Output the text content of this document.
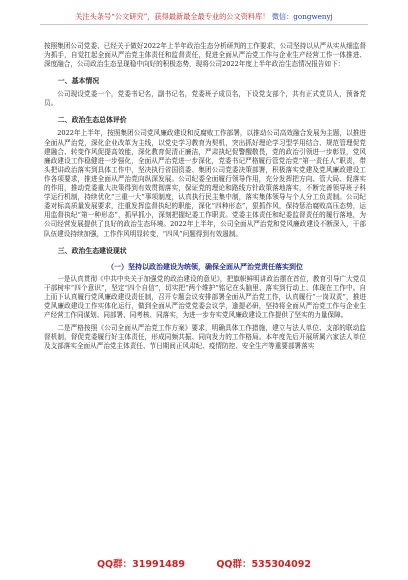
关注头条号“公文研究”，获得最新最全最专业的公文资料库！ 微信：gongwenyj

按照集团公司党委、已经关于做好2022年上半年政治生态分析研判的工作要求，公司坚持以从严从实从细监督为抓手，自觉扛起全面从严治党主体责任和监督责任，促进全面从严治党工作与企业生产经营工作一体推进、深度融合，公司政治生态呈现稳中向好的积极态势，现将公司2022年度上半年政治生态情况报告如下：

一、基本情况

公司现设党委一个，党委书记名，副书记名，党委班子成员名，下设党支部个，共有正式党员人，预备党员。

二、政治生态总体评价

2022年上半年，按照集团公司党风廉政建设和反腐败工作部署，以推动公司高效融合发展为主题，以推进全面从严治党，深化企业改革为主线，以党史学习教育为契机，突出抓好理论学习型学用结合、规范管理促党建融合、转变作风促提高效能，深化教育促清正廉洁，严肃执纪促警醒敬畏，党的政治引领进一步彰显，党风廉政建设工作稳健进一步强化，全面从严治党进一步深化，党委书记严格履行管党治党“第一责任人”职责，带头把讲政治落实到具体工作中，坚决执行省国资委、集团公司党委决策部署，积极落实党建及党风廉政建设工作各项要求，推进全面从严治党向纵深发展。公司纪委全面履行领导作用，充分发挥把方向、管大局、促落实的作用，推动党委重大决策得到有效贯彻落实，保证党的理论和路线方针政策落地落实，不断完善领导班子科学运行机制，持续优化“三重一大”事项制度，认真执行民主集中制，落实集体领导与个人分工负责制。公司纪委对标高质量发展要求，注重发挥监督执纪的职能，深化“四种形态”，狠抓作风，保持惩治腐败高压态势，运用监督执纪“第一种形态”，抓早抓小，深刻把握纪委工作职责。党委主体责任和纪委监督责任的履行落地，为公司经营发展提供了良好的政治生态环境。2022年上半年，公司全面从严治党和党风廉政建设不断深入，干部队伍建设持续加强，工作作风明显转变，“四风”问题得到有效遏制。

三、政治生态建设现状
（一）坚持以政治建设为统领，确保全面从严治党责任落实到位

一是认真贯彻《中共中央关于加强党的政治建设的意见》，把旗帜鲜明讲政治摆在首位，教育引导广大党员干部树牢“四个意识”，坚定“四个自信”，切实把“两个维护”铭记在头脑里、落实到行动上、体现在工作中。自上而下认真履行党风廉政建设责任制，召开专题会议安排部署全面从严治党工作，认真履行“一岗双责”，推进党风廉政建设工作实体化运行，做到全面从严治党党委会议学，逢提必研，坚持将全面从严治党工作与企业生产经营工作同谋划、同部署、同考核、同落实，为进一步夯实党风廉政建设工作提供了坚实的力量保障。

二是严格按照《公司全面从严治党工作方案》要求，明确具体工作措施，建立与法人单位、支部的联动监督机制，督促党委履行好主体责任，形成同频共振、同向发力的工作格局。本年度先后开展所属六家法人单位及支部落实全面从严治党主体责任、节日期间正风肃纪、疫情防控、安全生产等重要部署落实

QQ群：31991489	QQ群：535304092
